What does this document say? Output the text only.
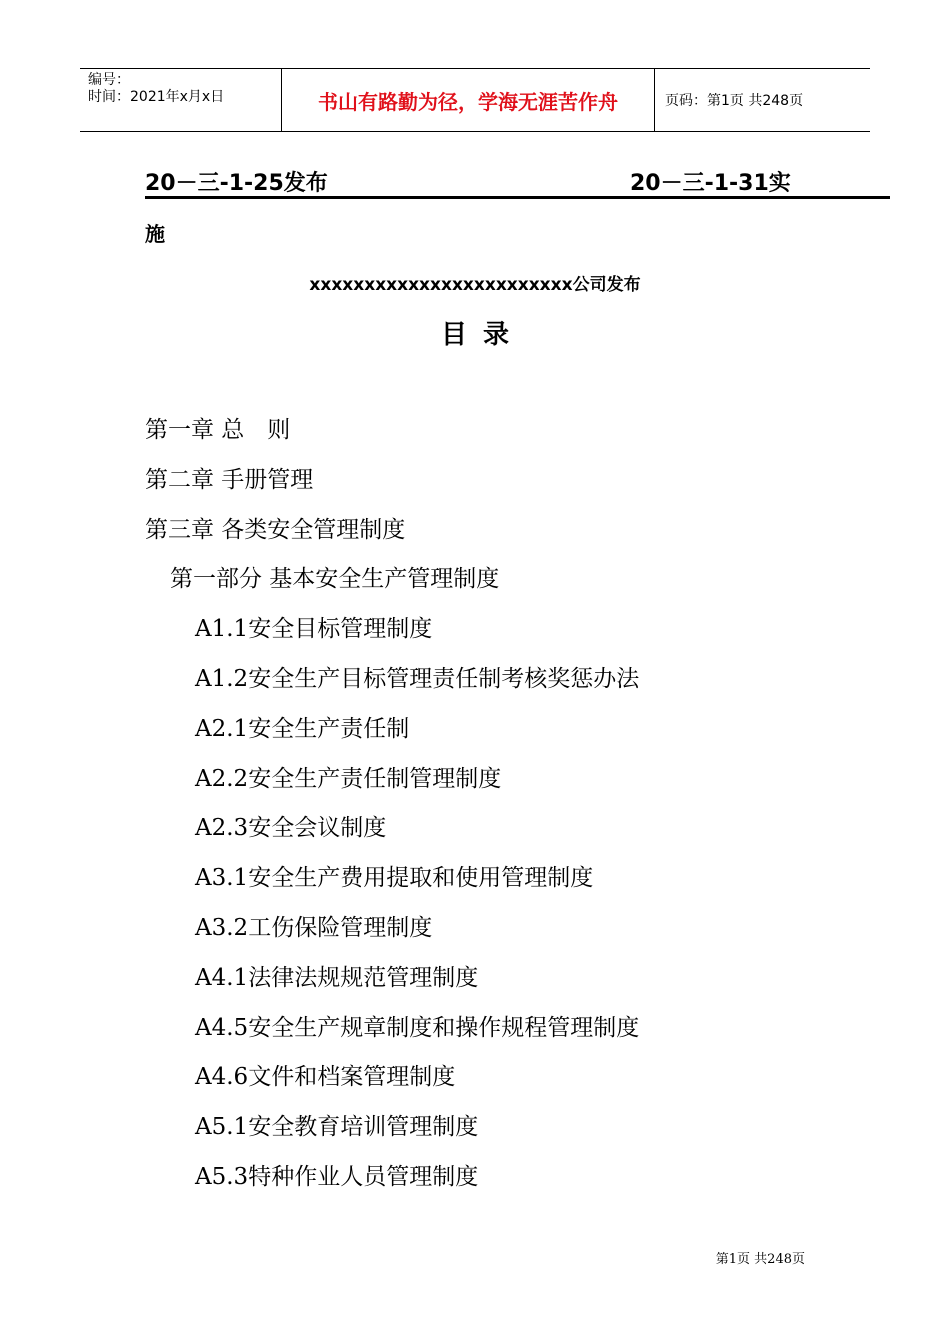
编号：
时间：2021年x月x日	书山有路勤为径，学海无涯苦作舟	页码：第1页 共248页
20－三-1-25发布	20－三-1-31实
施
xxxxxxxxxxxxxxxxxxxxxxxx公司发布
目录
第一章 总　则
第二章 手册管理
第三章 各类安全管理制度
第一部分 基本安全生产管理制度
A1.1安全目标管理制度
A1.2安全生产目标管理责任制考核奖惩办法
A2.1安全生产责任制
A2.2安全生产责任制管理制度
A2.3安全会议制度
A3.1安全生产费用提取和使用管理制度
A3.2工伤保险管理制度
A4.1法律法规规范管理制度
A4.5安全生产规章制度和操作规程管理制度
A4.6文件和档案管理制度
A5.1安全教育培训管理制度
A5.3特种作业人员管理制度
第1页 共248页
